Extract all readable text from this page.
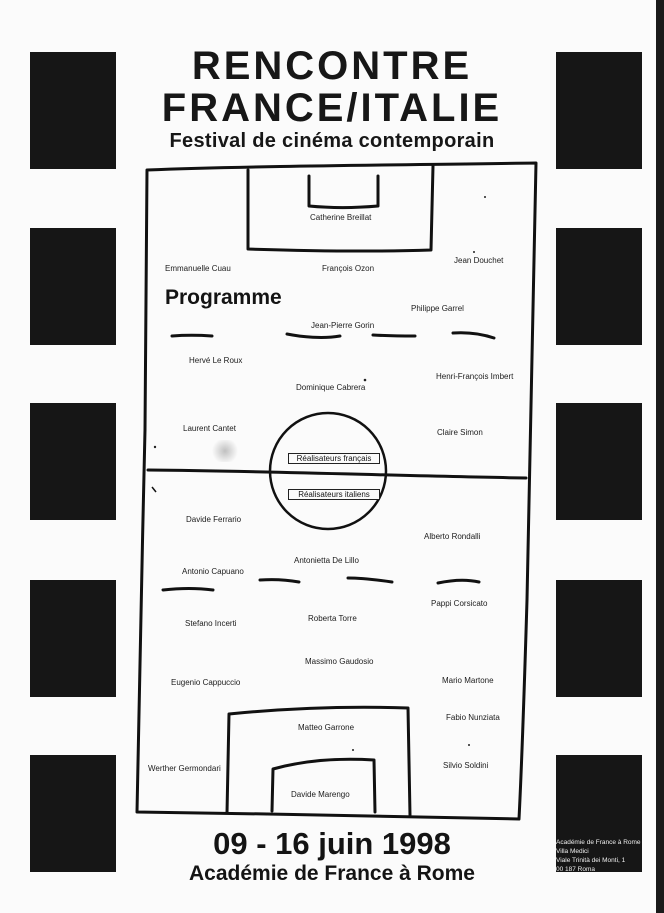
RENCONTRE
FRANCE/ITALIE
Festival de cinéma contemporain
Programme
Catherine Breillat
Emmanuelle Cuau	François Ozon
Jean Douchet
Philippe Garrel
Jean-Pierre Gorin
Hervé Le Roux
Dominique Cabrera
Henri-François Imbert
Laurent Cantet	Claire Simon
Réalisateurs français
Réalisateurs italiens
Davide Ferrario
Alberto Rondalli
Antonietta De Lillo
Antonio Capuano
Pappi Corsicato
Stefano Incerti
Roberta Torre
Massimo Gaudosio
Eugenio Cappuccio	Mario Martone
Fabio Nunziata
Matteo Garrone
Werther Germondari	Silvio Soldini
Davide Marengo
09 - 16 juin 1998
Académie de France à Rome
Académie de France à Rome
Villa Medici
Viale Trinità dei Monti, 1
00 187 Roma
